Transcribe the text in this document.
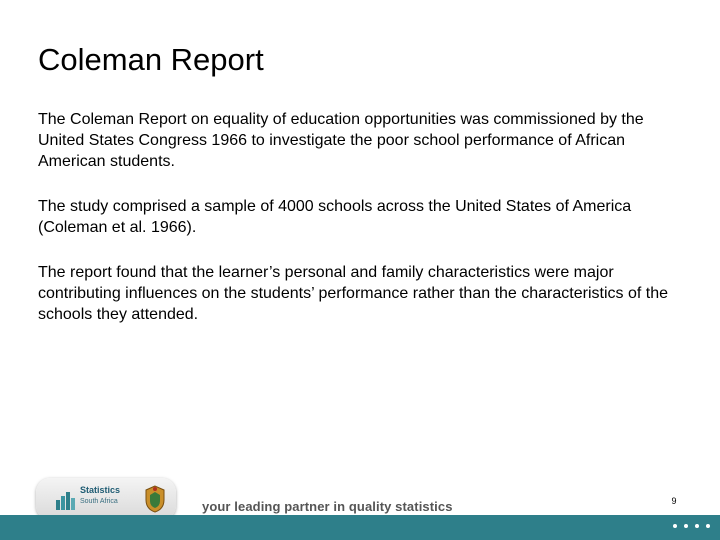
Coleman Report

The Coleman Report on equality of education opportunities was commissioned by the United States Congress 1966 to investigate the poor school performance of African American students.

The study comprised a sample of 4000 schools across the United States of America (Coleman et al. 1966).

The report found that the learner’s personal and family characteristics were major contributing influences on the students’ performance rather than the characteristics of the schools they attended.

Statistics
South Africa	your leading partner in quality statistics	9
